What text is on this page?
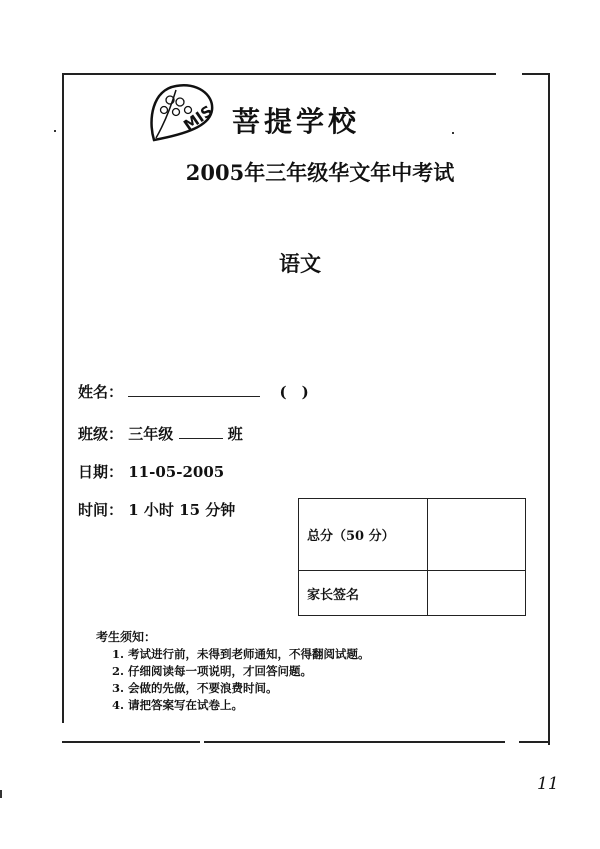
MIS 菩提学校
2005年三年级华文年中考试
语文
姓名：	(　)
班级： 三年级	班
日期： 11-05-2005
时间： 1 小时 15 分钟
总分（50 分）	
家长签名	
考生须知：
1. 考试进行前，未得到老师通知，不得翻阅试题。
2. 仔细阅读每一项说明，才回答问题。
3. 会做的先做，不要浪费时间。
4. 请把答案写在试卷上。
11
